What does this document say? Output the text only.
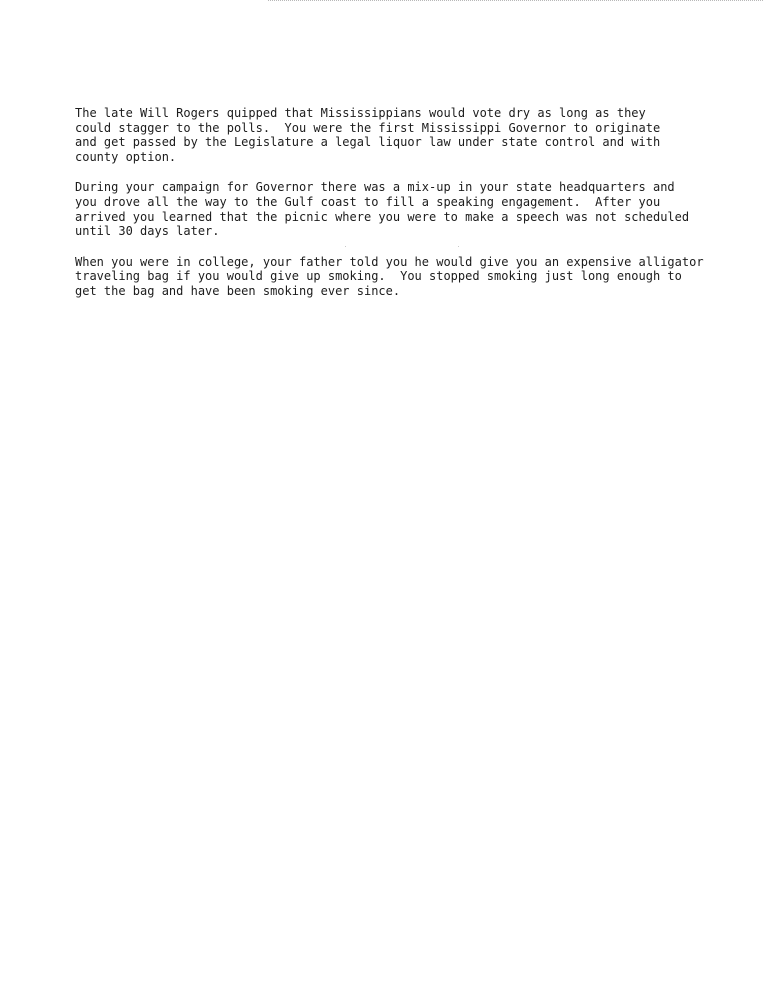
The late Will Rogers quipped that Mississippians would vote dry as long as they
could stagger to the polls.  You were the first Mississippi Governor to originate
and get passed by the Legislature a legal liquor law under state control and with
county option.

During your campaign for Governor there was a mix-up in your state headquarters and
you drove all the way to the Gulf coast to fill a speaking engagement.  After you
arrived you learned that the picnic where you were to make a speech was not scheduled
until 30 days later.

When you were in college, your father told you he would give you an expensive alligator
traveling bag if you would give up smoking.  You stopped smoking just long enough to
get the bag and have been smoking ever since.
